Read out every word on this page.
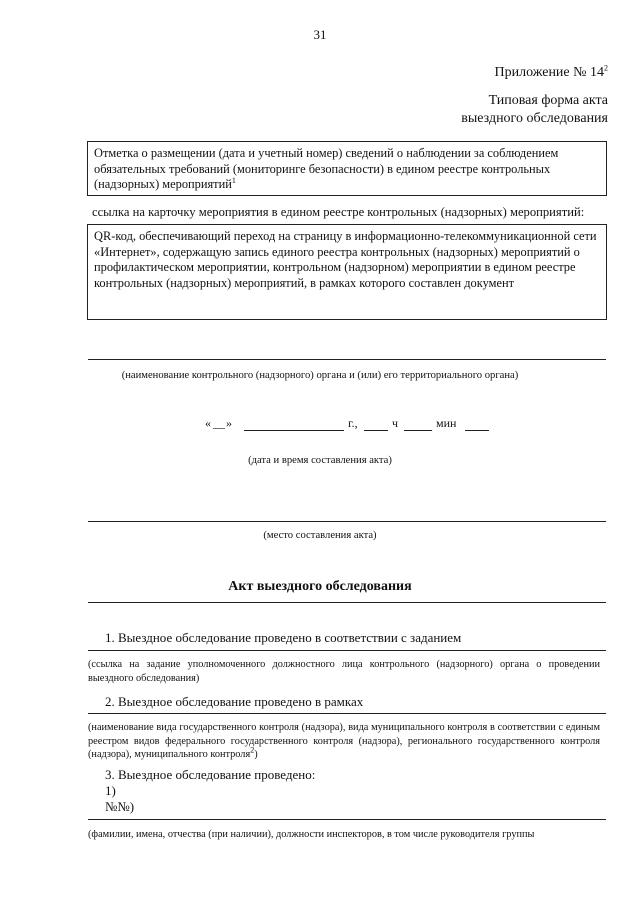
31
Приложение № $14^2$
Типовая форма акта
выездного обследования
Отметка о размещении (дата и учетный номер) сведений о наблюдении за соблюдением обязательных требований (мониторинге безопасности) в едином реестре контрольных (надзорных) мероприятий$^1$
ссылка на карточку мероприятия в едином реестре контрольных (надзорных) мероприятий:
QR-код, обеспечивающий переход на страницу в информационно-телекоммуникационной сети «Интернет», содержащую запись единого реестра контрольных (надзорных) мероприятий о профилактическом мероприятии, контрольном (надзорном) мероприятии в едином реестре контрольных (надзорных) мероприятий, в рамках которого составлен документ
(наименование контрольного (надзорного) органа и (или) его территориального органа)
« __ »	г.,	ч	мин
(дата и время составления акта)
(место составления акта)
Акт выездного обследования
1. Выездное обследование проведено в соответствии с заданием
(ссылка на задание уполномоченного должностного лица контрольного (надзорного) органа о проведении выездного обследования)
2. Выездное обследование проведено в рамках
(наименование вида государственного контроля (надзора), вида муниципального контроля в соответствии с единым реестром видов федерального государственного контроля (надзора), регионального государственного контроля (надзора), муниципального контроля$^2$)
3. Выездное обследование проведено:
1)
№№)
(фамилии, имена, отчества (при наличии), должности инспекторов, в том числе руководителя группы
